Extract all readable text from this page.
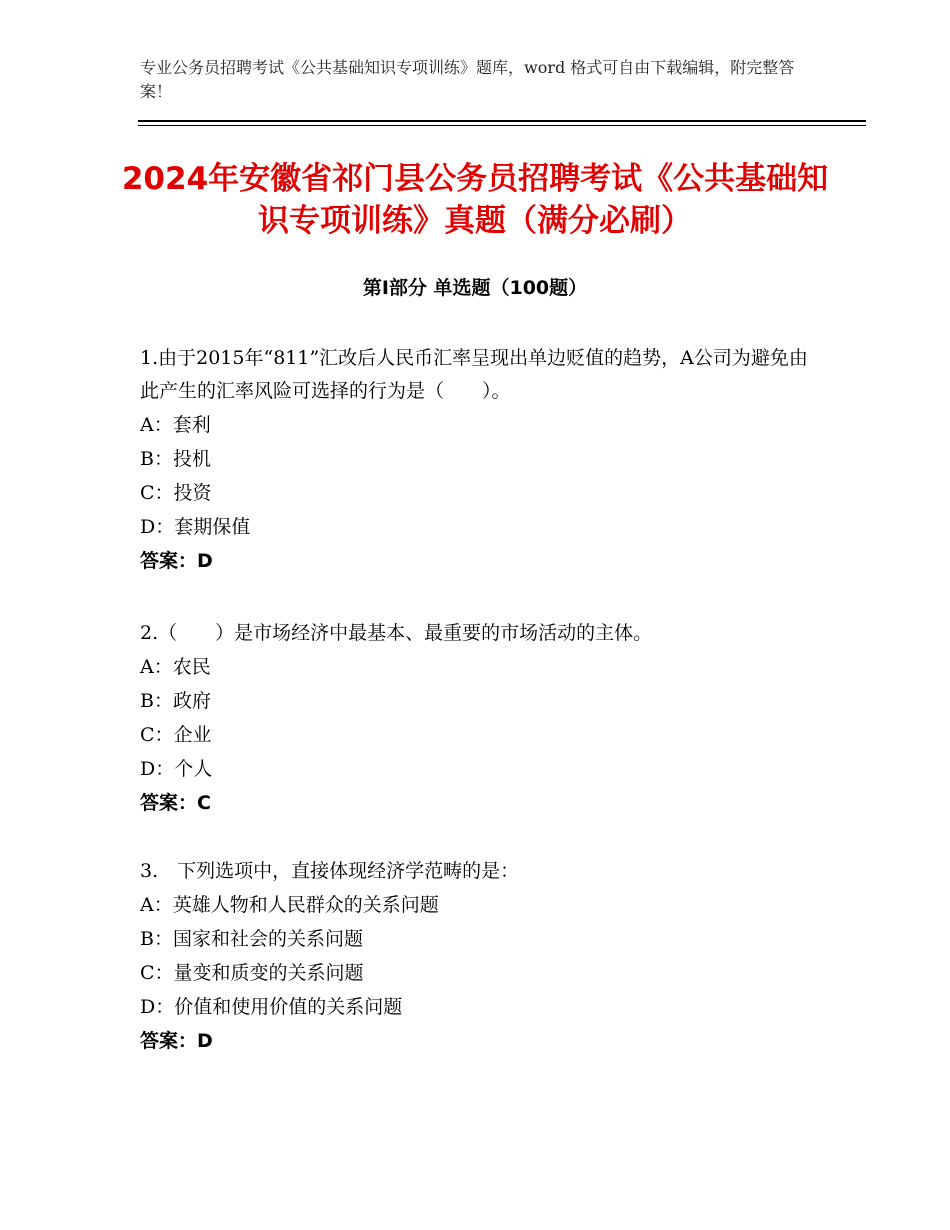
专业公务员招聘考试《公共基础知识专项训练》题库，word 格式可自由下载编辑，附完整答案！
2024年安徽省祁门县公务员招聘考试《公共基础知识专项训练》真题（满分必刷）
第Ⅰ部分 单选题（100题）

1.由于2015年“811”汇改后人民币汇率呈现出单边贬值的趋势，A公司为避免由此产生的汇率风险可选择的行为是（　　）。

A：套利

B：投机

C：投资

D：套期保值

答案：D

2.（　　）是市场经济中最基本、最重要的市场活动的主体。

A：农民

B：政府

C：企业

D：个人

答案：C

3.　下列选项中，直接体现经济学范畴的是：

A：英雄人物和人民群众的关系问题

B：国家和社会的关系问题

C：量变和质变的关系问题

D：价值和使用价值的关系问题

答案：D
